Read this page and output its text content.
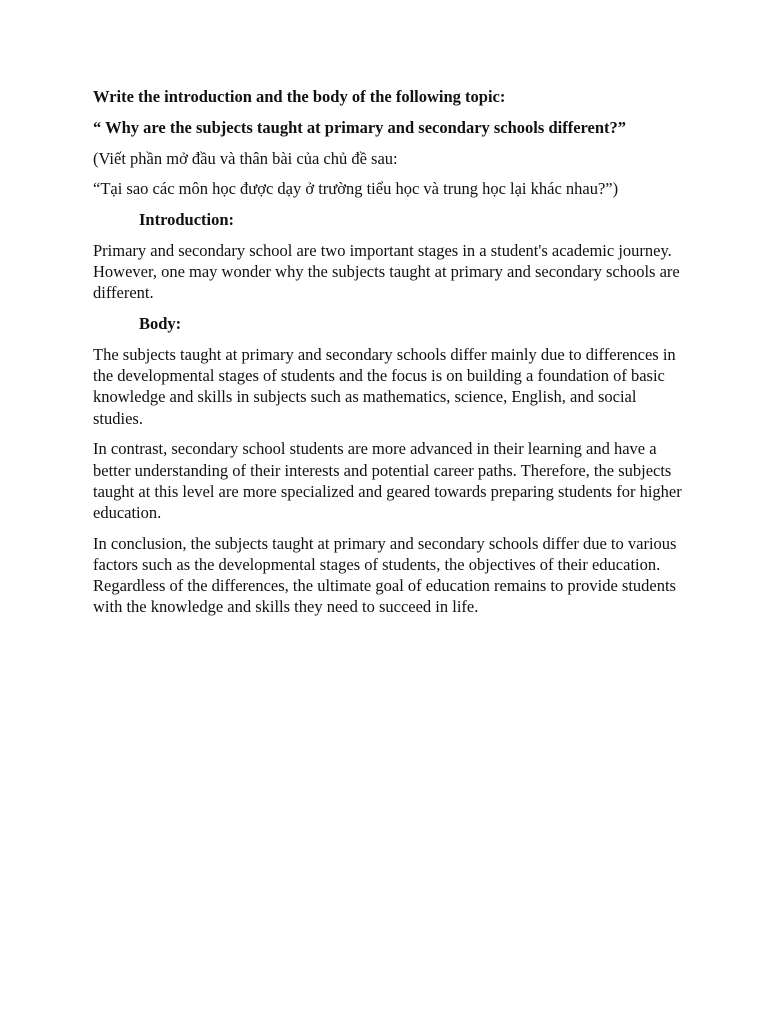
Write the introduction and the body of the following topic:

“ Why are the subjects taught at primary and secondary schools different?”

(Viết phần mở đầu và thân bài của chủ đề sau:

“Tại sao các môn học được dạy ở trường tiểu học và trung học lại khác nhau?”)

Introduction:

Primary and secondary school are two important stages in a student's academic journey. However, one may wonder why the subjects taught at primary and secondary schools are different.

Body:

The subjects taught at primary and secondary schools differ mainly due to differences in the developmental stages of students and the focus is on building a foundation of basic knowledge and skills in subjects such as mathematics, science, English, and social studies.

In contrast, secondary school students are more advanced in their learning and have a better understanding of their interests and potential career paths. Therefore, the subjects taught at this level are more specialized and geared towards preparing students for higher education.

In conclusion, the subjects taught at primary and secondary schools differ due to various factors such as the developmental stages of students, the objectives of their education. Regardless of the differences, the ultimate goal of education remains to provide students with the knowledge and skills they need to succeed in life.
